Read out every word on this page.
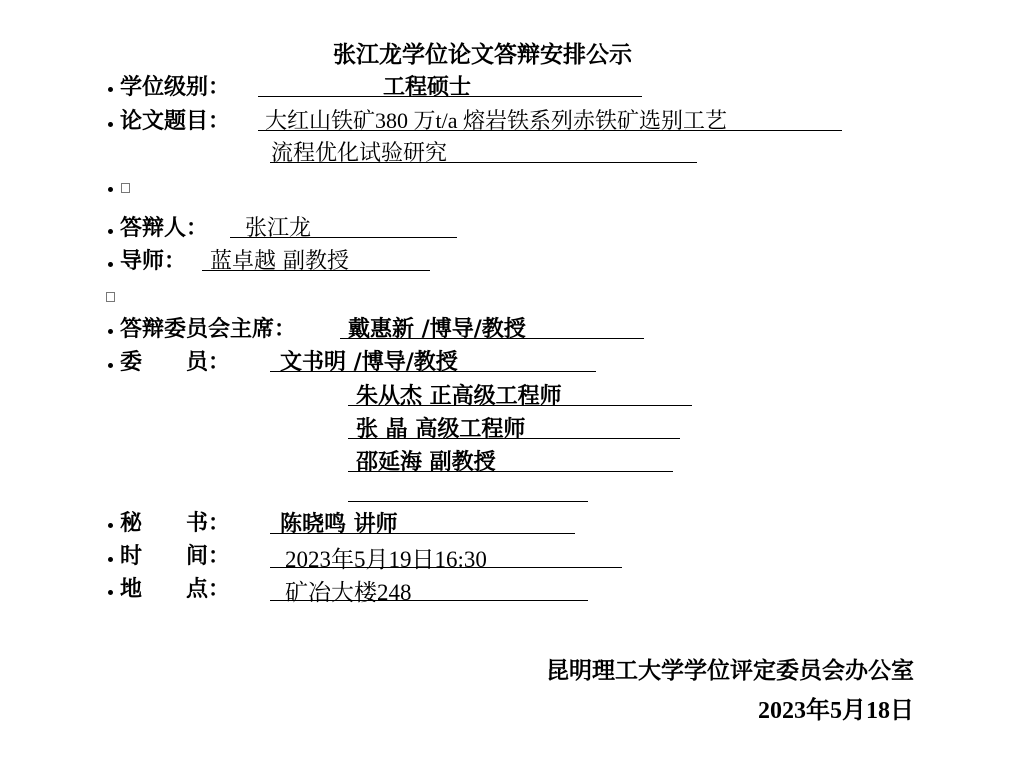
张江龙学位论文答辩安排公示
学位级别：	工程硕士
论文题目： 大红山铁矿380 万t/a 熔岩铁系列赤铁矿选别工艺
流程优化试验研究
答辩人： 张江龙
导师： 蓝卓越 副教授
答辩委员会主席： 戴惠新 /博导/教授
委　　员： 文书明 /博导/教授
朱从杰 正高级工程师
张 晶 高级工程师
邵延海 副教授
秘　　书： 陈晓鸣 讲师
时　　间： 2023年5月19日16:30
地　　点： 矿冶大楼248
昆明理工大学学位评定委员会办公室
2023年5月18日
